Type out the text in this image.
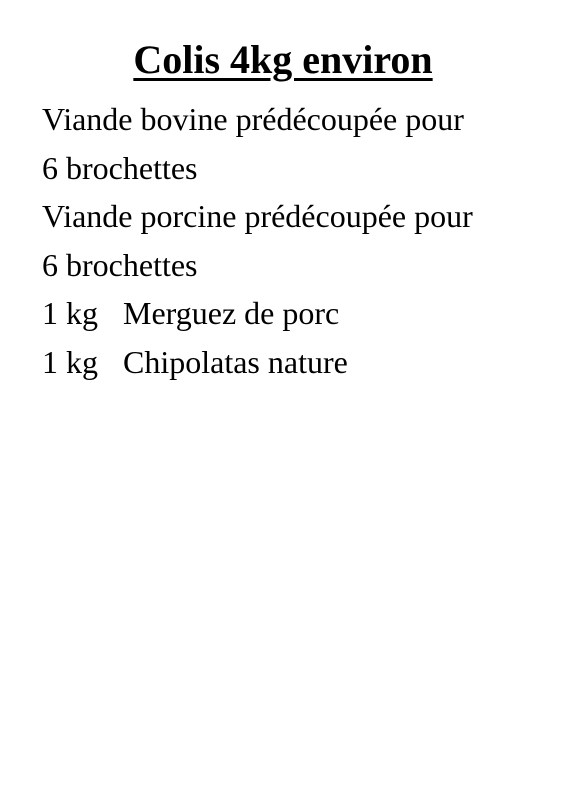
Colis 4kg environ
Viande bovine prédécoupée pour
6 brochettes
Viande porcine prédécoupée pour
6 brochettes
1 kg Merguez de porc
1 kg Chipolatas nature
